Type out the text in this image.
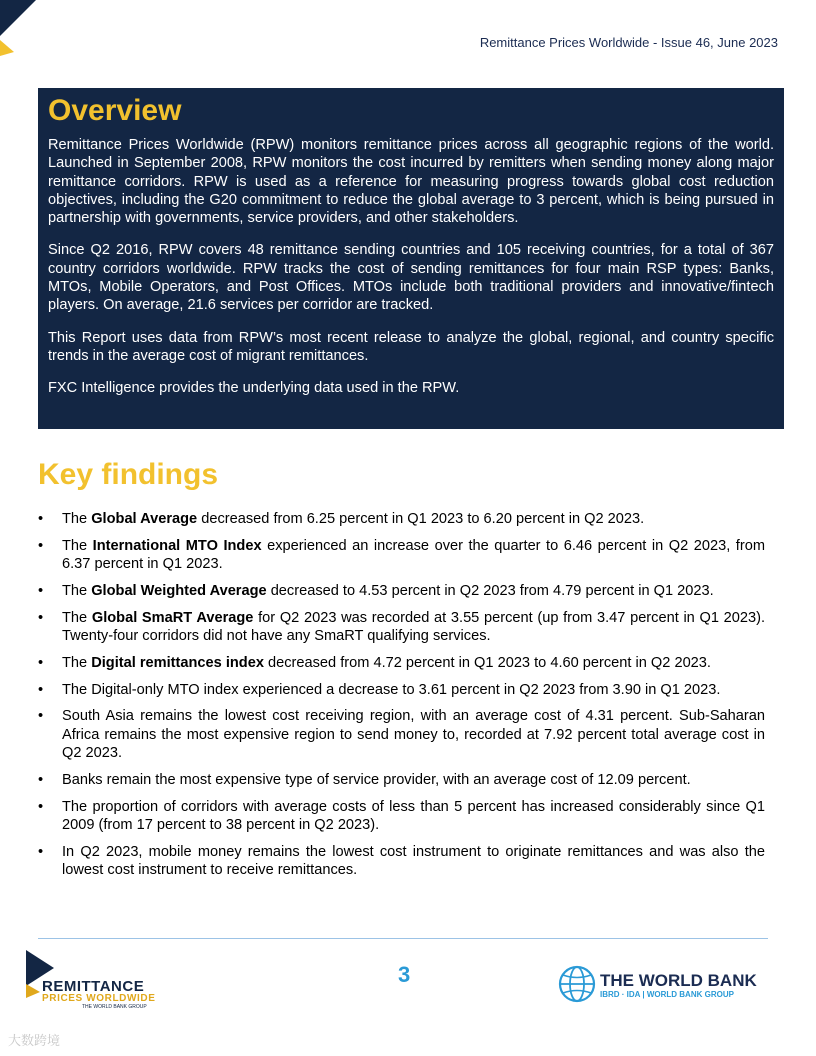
Remittance Prices Worldwide - Issue 46, June 2023
Overview

Remittance Prices Worldwide (RPW) monitors remittance prices across all geographic regions of the world. Launched in September 2008, RPW monitors the cost incurred by remitters when sending money along major remittance corridors. RPW is used as a reference for measuring progress towards global cost reduction objectives, including the G20 commitment to reduce the global average to 3 percent, which is being pursued in partnership with governments, service providers, and other stakeholders.

Since Q2 2016, RPW covers 48 remittance sending countries and 105 receiving countries, for a total of 367 country corridors worldwide. RPW tracks the cost of sending remittances for four main RSP types: Banks, MTOs, Mobile Operators, and Post Offices. MTOs include both traditional providers and innovative/fintech players. On average, 21.6 services per corridor are tracked.

This Report uses data from RPW’s most recent release to analyze the global, regional, and country specific trends in the average cost of migrant remittances.

FXC Intelligence provides the underlying data used in the RPW.

Key findings
• The Global Average decreased from 6.25 percent in Q1 2023 to 6.20 percent in Q2 2023.
• The International MTO Index experienced an increase over the quarter to 6.46 percent in Q2 2023, from 6.37 percent in Q1 2023.
• The Global Weighted Average decreased to 4.53 percent in Q2 2023 from 4.79 percent in Q1 2023.
• The Global SmaRT Average for Q2 2023 was recorded at 3.55 percent (up from 3.47 percent in Q1 2023). Twenty-four corridors did not have any SmaRT qualifying services.
• The Digital remittances index decreased from 4.72 percent in Q1 2023 to 4.60 percent in Q2 2023.
• The Digital-only MTO index experienced a decrease to 3.61 percent in Q2 2023 from 3.90 in Q1 2023.
• South Asia remains the lowest cost receiving region, with an average cost of 4.31 percent. Sub-Saharan Africa remains the most expensive region to send money to, recorded at 7.92 percent total average cost in Q2 2023.
• Banks remain the most expensive type of service provider, with an average cost of 12.09 percent.
• The proportion of corridors with average costs of less than 5 percent has increased considerably since Q1 2009 (from 17 percent to 38 percent in Q2 2023).
• In Q2 2023, mobile money remains the lowest cost instrument to originate remittances and was also the lowest cost instrument to receive remittances.
REMITTANCE
PRICES WORLDWIDE
THE WORLD BANK GROUP
3	THE WORLD BANK
IBRD · IDA | WORLD BANK GROUP
大数跨境
